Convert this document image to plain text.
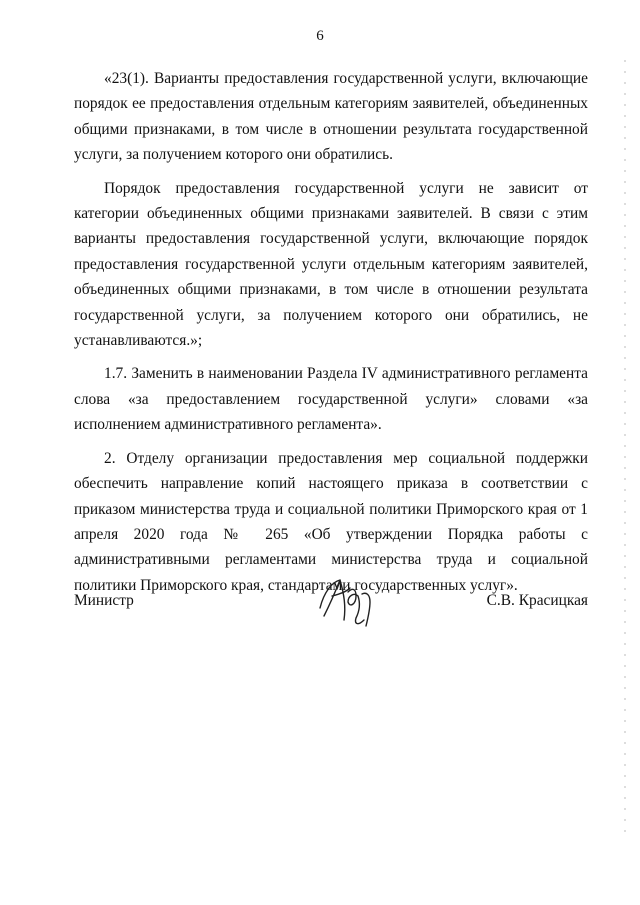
6

«23(1). Варианты предоставления государственной услуги, включающие порядок ее предоставления отдельным категориям заявителей, объединенных общими признаками, в том числе в отношении результата государственной услуги, за получением которого они обратились.

Порядок предоставления государственной услуги не зависит от категории объединенных общими признаками заявителей. В связи с этим варианты предоставления государственной услуги, включающие порядок предоставления государственной услуги отдельным категориям заявителей, объединенных общими признаками, в том числе в отношении результата государственной услуги, за получением которого они обратились, не устанавливаются.»;

1.7. Заменить в наименовании Раздела IV административного регламента слова «за предоставлением государственной услуги» словами «за исполнением административного регламента».

2. Отделу организации предоставления мер социальной поддержки обеспечить направление копий настоящего приказа в соответствии с приказом министерства труда и социальной политики Приморского края от 1 апреля 2020 года № 265 «Об утверждении Порядка работы с административными регламентами министерства труда и социальной политики Приморского края, стандартами государственных услуг».

Министр	С.В. Красицкая
